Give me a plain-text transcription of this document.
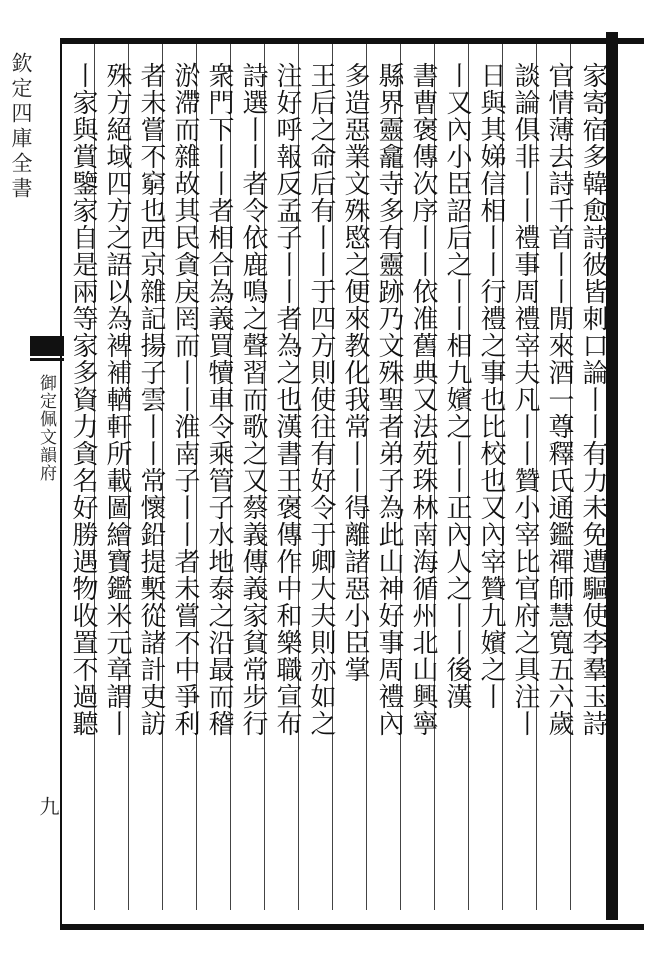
欽定四庫全書
御定佩文韻府
九
家寄宿多韓愈詩彼皆刺口論丨丨有力未免遭驅使李羣玉詩
官情薄去詩千首丨丨閒來酒一尊釋氏通鑑禪師慧寬五六歲
談論俱非丨丨禮事周禮宰夫凡丨丨贊小宰比官府之具注丨
日與其娣信相丨丨行禮之事也比校也又內宰贊九嬪之丨
丨又內小臣詔后之丨丨相九嬪之丨丨正內人之丨丨後漢
書曹褒傳次序丨丨依准舊典又法苑珠林南海循州北山興寧
縣界靈龕寺多有靈跡乃文殊聖者弟子為此山神好事周禮內
多造惡業文殊愍之便來教化我常丨丨得離諸惡小臣掌
王后之命后有丨丨于四方則使往有好令于卿大夫則亦如之
注好呼報反孟子丨丨者為之也漢書王褒傳作中和樂職宣布
詩選丨丨者令依鹿鳴之聲習而歌之又蔡義傳義家貧常步行
衆門下丨丨者相合為義買犢車令乘管子水地泰之沿最而稽
淤滯而雜故其民貪戾罔而丨丨淮南子丨丨者未嘗不中爭利
者未嘗不窮也西京雜記揚子雲丨丨常懷鉛提槧從諸計吏訪
殊方絕域四方之語以為裨補輶軒所載圖繪寶鑑米元章謂丨
丨家與賞鑒家自是兩等家多資力貪名好勝遇物收置不過聽
